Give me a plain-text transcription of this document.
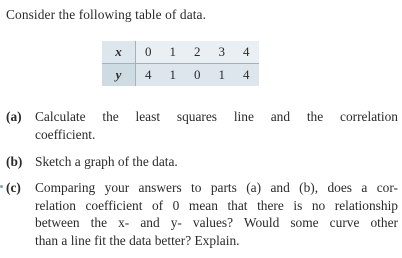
Consider the following table of data.
x	0	1	2	3	4
y	4	1	0	1	4
(a) Calculate the least squares line and the correlation
coefficient.
(b) Sketch a graph of the data.
(c) Comparing your answers to parts (a) and (b), does a cor-
relation coefficient of 0 mean that there is no relationship
between the x- and y- values? Would some curve other
than a line fit the data better? Explain.
